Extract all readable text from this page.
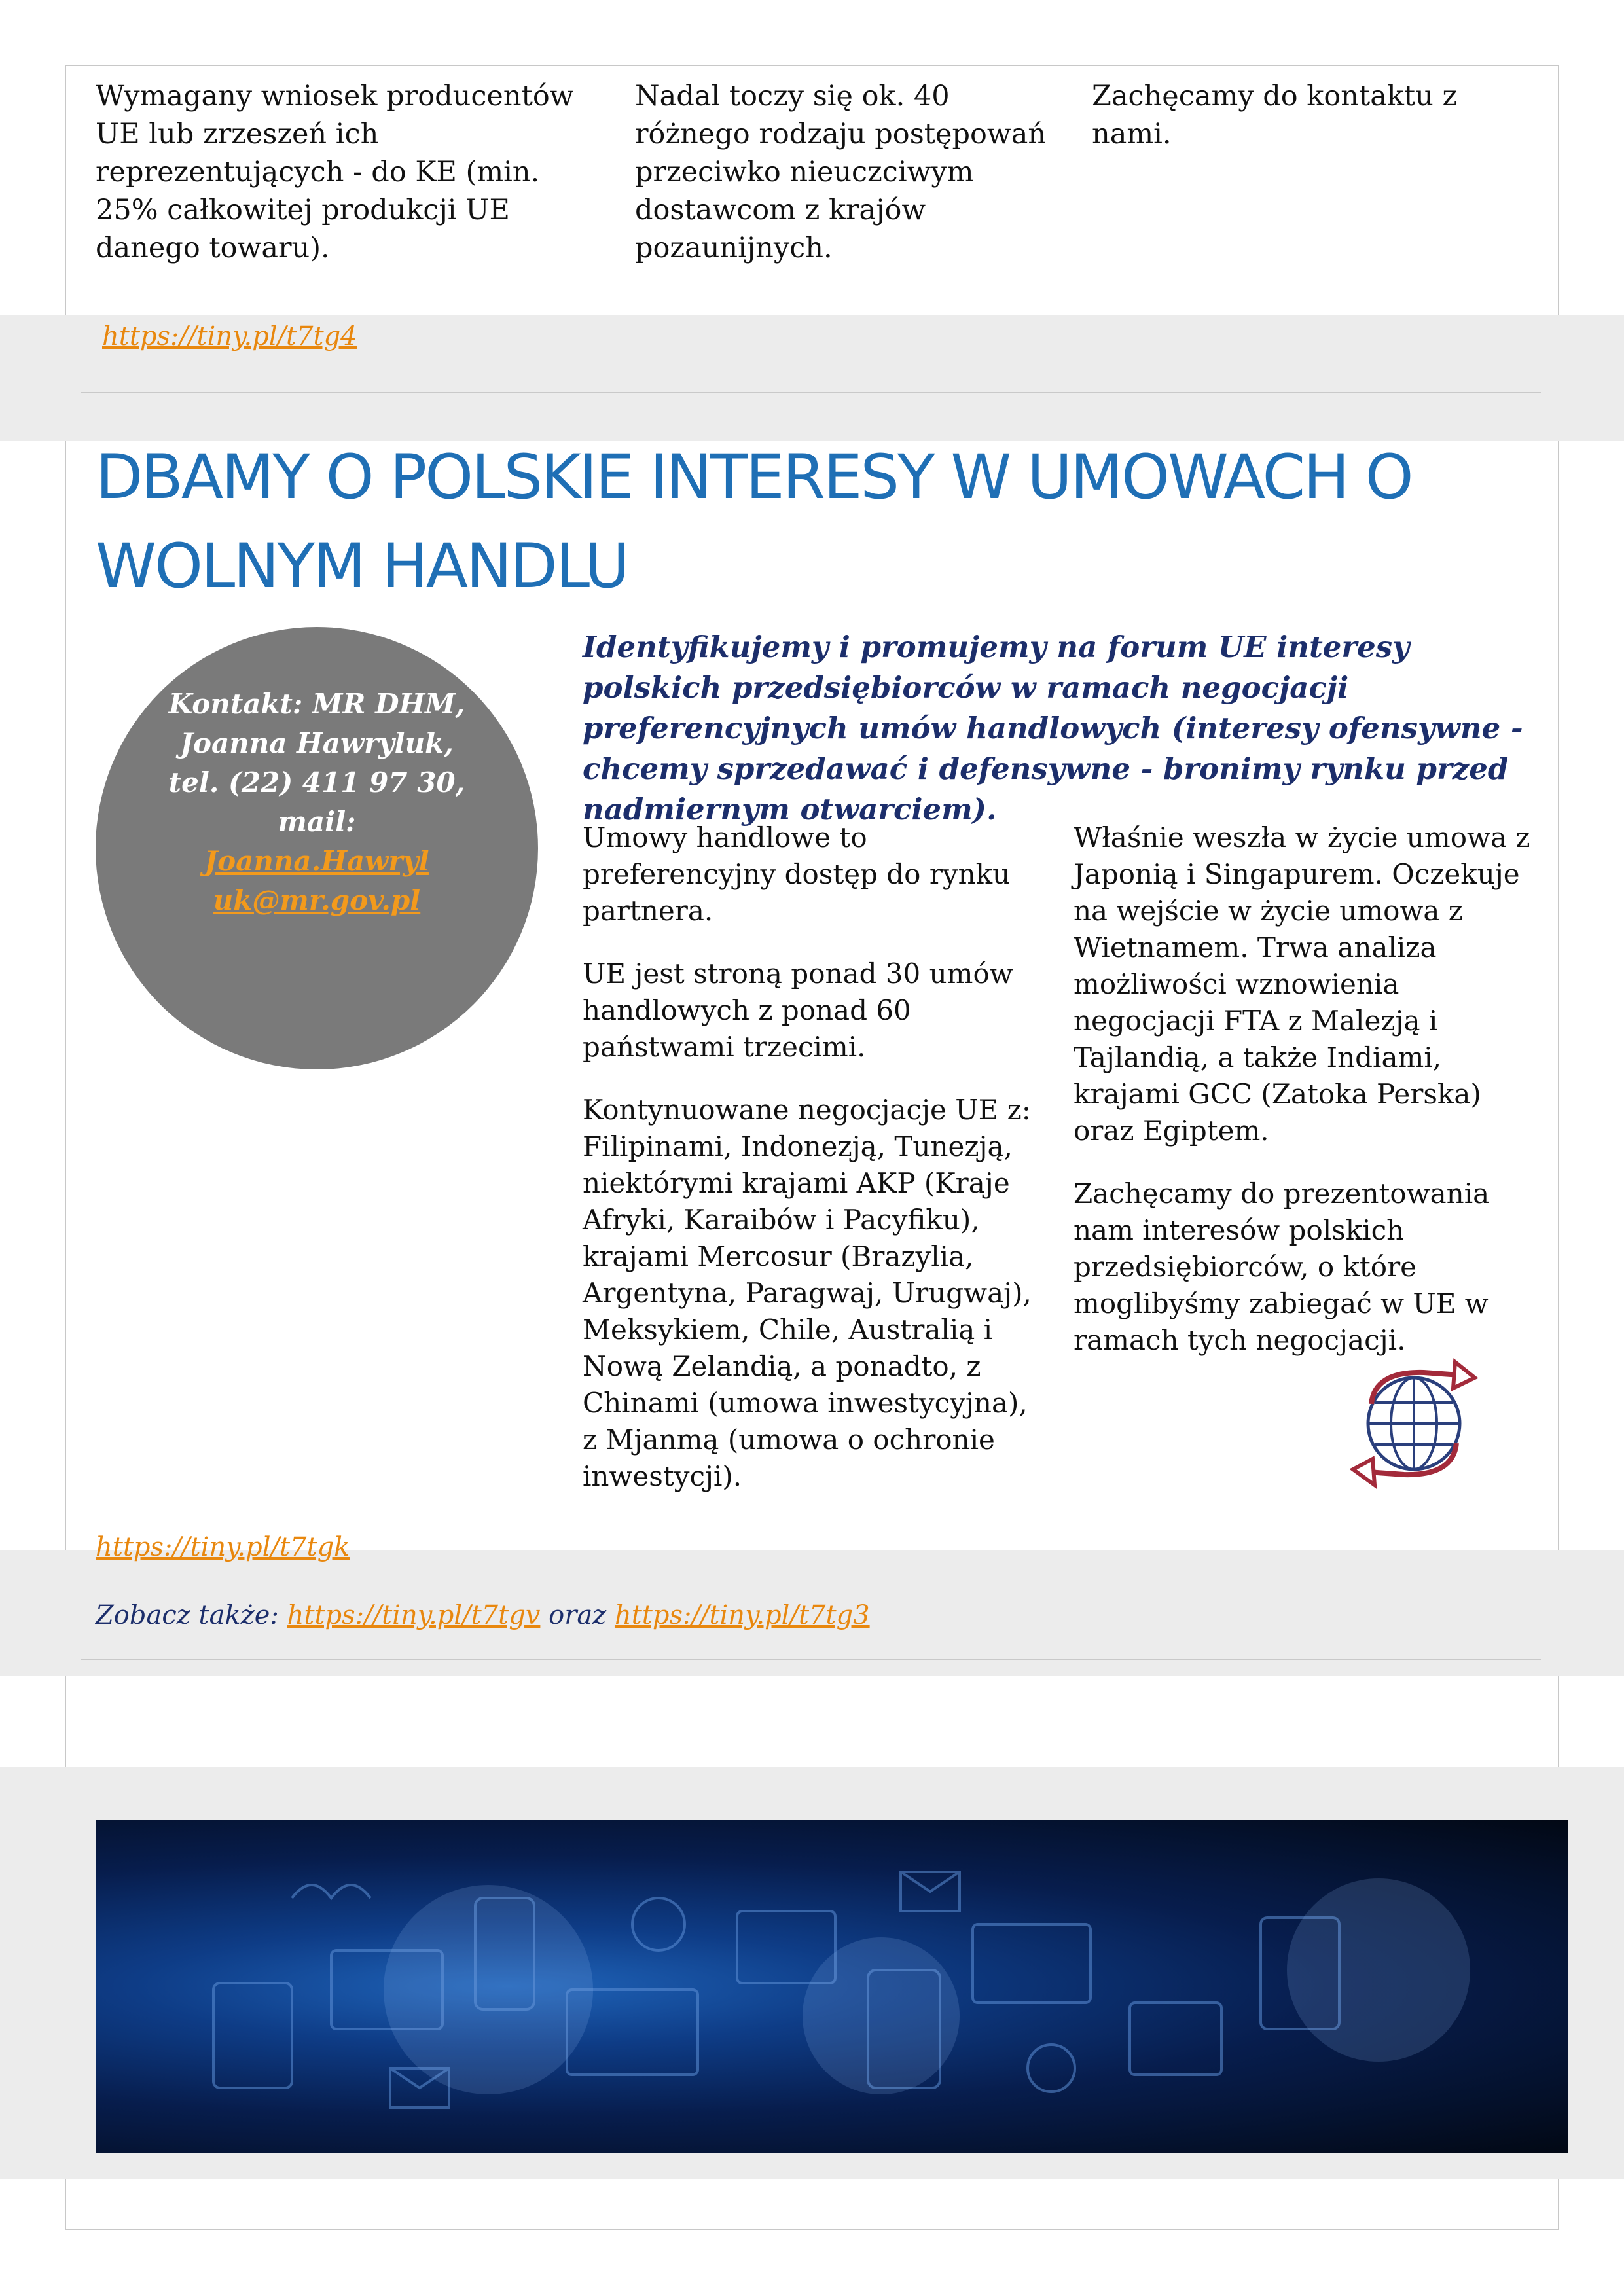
Wymagany wniosek producentów UE lub zrzeszeń ich reprezentujących - do KE (min. 25% całkowitej produkcji UE danego towaru).
Nadal toczy się ok. 40 różnego rodzaju postępowań przeciwko nieuczciwym dostawcom z krajów pozaunijnych.
Zachęcamy do kontaktu z nami.
https://tiny.pl/t7tg4
DBAMY O POLSKIE INTERESY W UMOWACH O WOLNYM HANDLU
Kontakt: MR DHM,
Joanna Hawryluk,
tel. (22) 411 97 30,
mail: Joanna.Hawryl
uk@mr.gov.pl
Identyfikujemy i promujemy na forum UE interesy polskich przedsiębiorców w ramach negocjacji preferencyjnych umów handlowych (interesy ofensywne - chcemy sprzedawać i defensywne - bronimy rynku przed nadmiernym otwarciem).

Umowy handlowe to preferencyjny dostęp do rynku partnera.

UE jest stroną ponad 30 umów handlowych z ponad 60 państwami trzecimi.

Kontynuowane negocjacje UE z: Filipinami, Indonezją, Tunezją, niektórymi krajami AKP (Kraje Afryki, Karaibów i Pacyfiku), krajami Mercosur (Brazylia, Argentyna, Paragwaj, Urugwaj), Meksykiem, Chile, Australią i Nową Zelandią, a ponadto, z Chinami (umowa inwestycyjna), z Mjanmą (umowa o ochronie inwestycji).

Właśnie weszła w życie umowa z Japonią i Singapurem. Oczekuje na wejście w życie umowa z Wietnamem. Trwa analiza możliwości wznowienia negocjacji FTA z Malezją i Tajlandią, a także Indiami, krajami GCC (Zatoka Perska) oraz Egiptem.

Zachęcamy do prezentowania nam interesów polskich przedsiębiorców, o które moglibyśmy zabiegać w UE w ramach tych negocjacji.

https://tiny.pl/t7tgk
Zobacz także: https://tiny.pl/t7tgv oraz https://tiny.pl/t7tg3
